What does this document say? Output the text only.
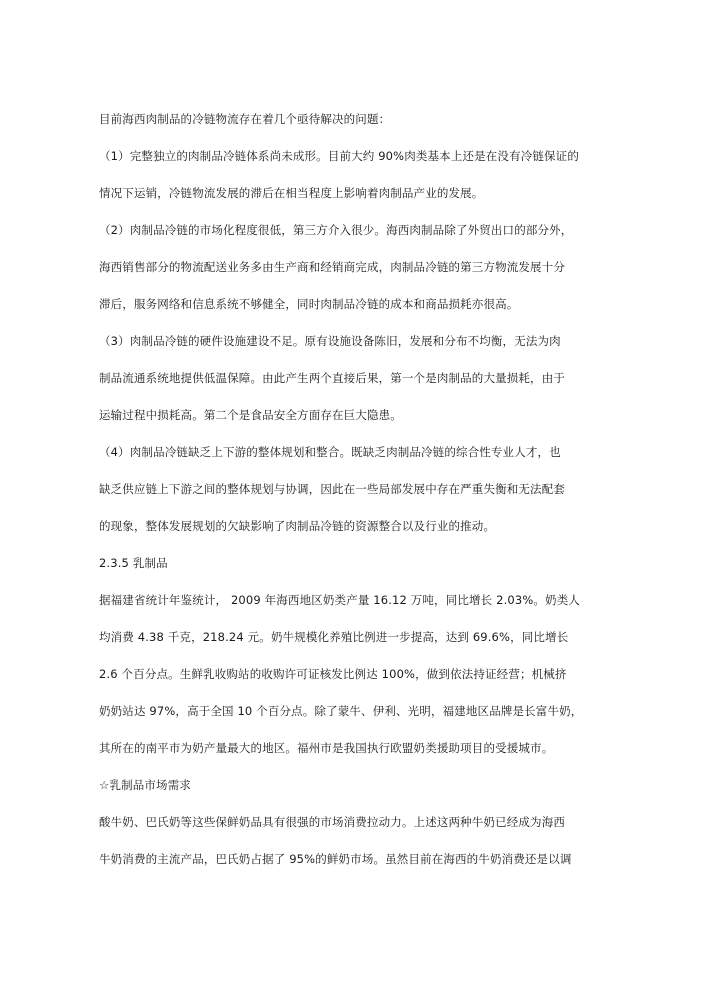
目前海西肉制品的冷链物流存在着几个亟待解决的问题：
（1）完整独立的肉制品冷链体系尚未成形。目前大约 90%肉类基本上还是在没有冷链保证的
情况下运销，冷链物流发展的滞后在相当程度上影响着肉制品产业的发展。
（2）肉制品冷链的市场化程度很低，第三方介入很少。海西肉制品除了外贸出口的部分外，
海西销售部分的物流配送业务多由生产商和经销商完成，肉制品冷链的第三方物流发展十分
滞后，服务网络和信息系统不够健全，同时肉制品冷链的成本和商品损耗亦很高。
（3）肉制品冷链的硬件设施建设不足。原有设施设备陈旧，发展和分布不均衡，无法为肉
制品流通系统地提供低温保障。由此产生两个直接后果，第一个是肉制品的大量损耗，由于
运输过程中损耗高。第二个是食品安全方面存在巨大隐患。
（4）肉制品冷链缺乏上下游的整体规划和整合。既缺乏肉制品冷链的综合性专业人才，也
缺乏供应链上下游之间的整体规划与协调，因此在一些局部发展中存在严重失衡和无法配套
的现象，整体发展规划的欠缺影响了肉制品冷链的资源整合以及行业的推动。
2.3.5 乳制品
据福建省统计年鉴统计， 2009 年海西地区奶类产量 16.12 万吨，同比增长 2.03%。奶类人
均消费 4.38 千克，218.24 元。奶牛规模化养殖比例进一步提高，达到 69.6%，同比增长
2.6 个百分点。生鲜乳收购站的收购许可证核发比例达 100%，做到依法持证经营；机械挤
奶奶站达 97%，高于全国 10 个百分点。除了蒙牛、伊利、光明，福建地区品牌是长富牛奶，
其所在的南平市为奶产量最大的地区。福州市是我国执行欧盟奶类援助项目的受援城市。
☆乳制品市场需求
酸牛奶、巴氏奶等这些保鲜奶品具有很强的市场消费拉动力。上述这两种牛奶已经成为海西
牛奶消费的主流产品，巴氏奶占据了 95%的鲜奶市场。虽然目前在海西的牛奶消费还是以调
